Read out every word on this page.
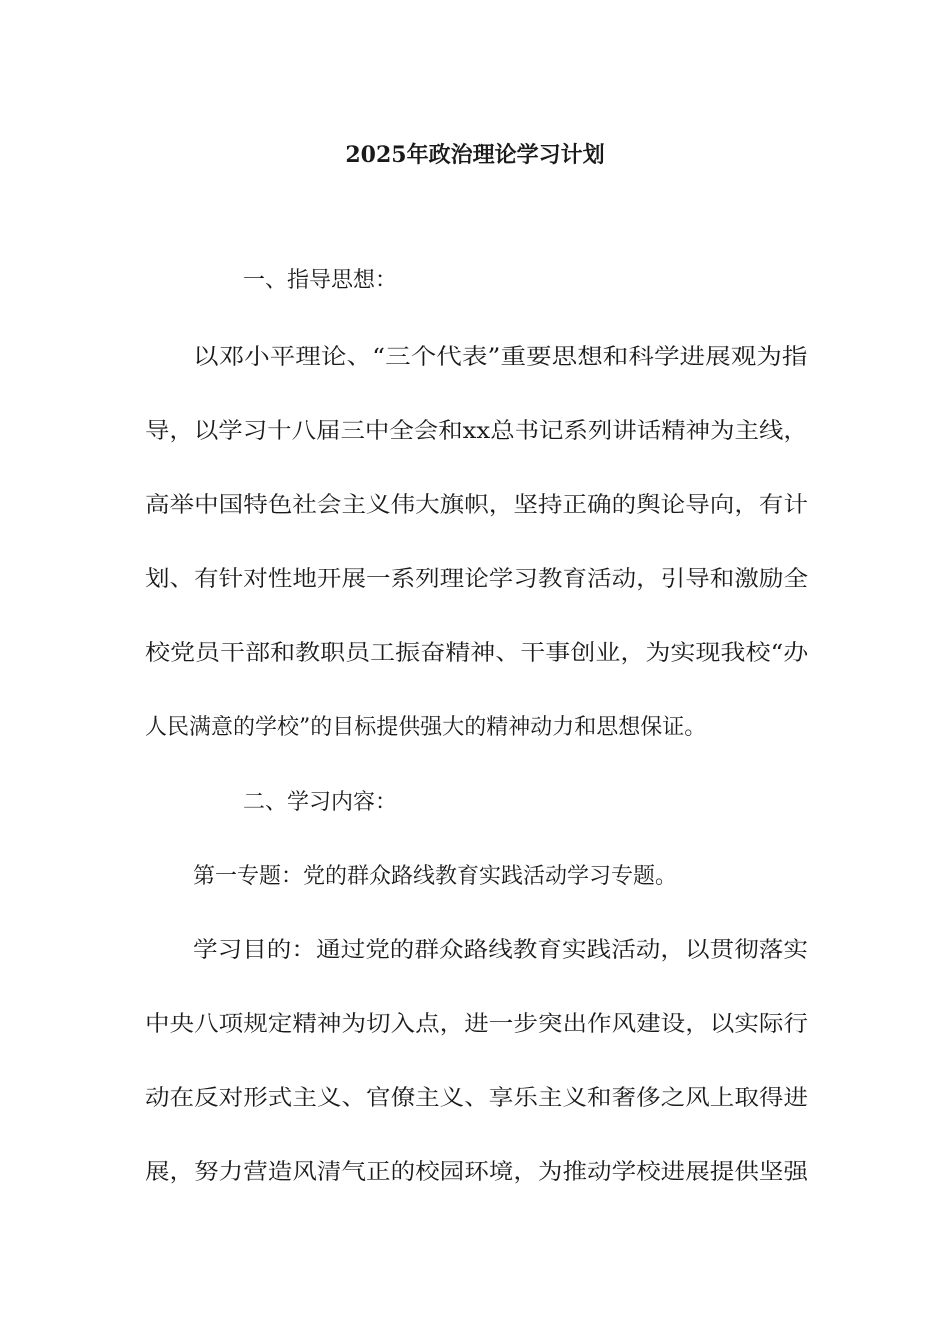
2025年政治理论学习计划
一、指导思想：
以邓小平理论、“三个代表”重要思想和科学进展观为指
导，以学习十八届三中全会和xx总书记系列讲话精神为主线，
高举中国特色社会主义伟大旗帜，坚持正确的舆论导向，有计
划、有针对性地开展一系列理论学习教育活动，引导和激励全
校党员干部和教职员工振奋精神、干事创业，为实现我校“办
人民满意的学校”的目标提供强大的精神动力和思想保证。
二、学习内容：
第一专题：党的群众路线教育实践活动学习专题。
学习目的：通过党的群众路线教育实践活动，以贯彻落实
中央八项规定精神为切入点，进一步突出作风建设，以实际行
动在反对形式主义、官僚主义、享乐主义和奢侈之风上取得进
展，努力营造风清气正的校园环境，为推动学校进展提供坚强
